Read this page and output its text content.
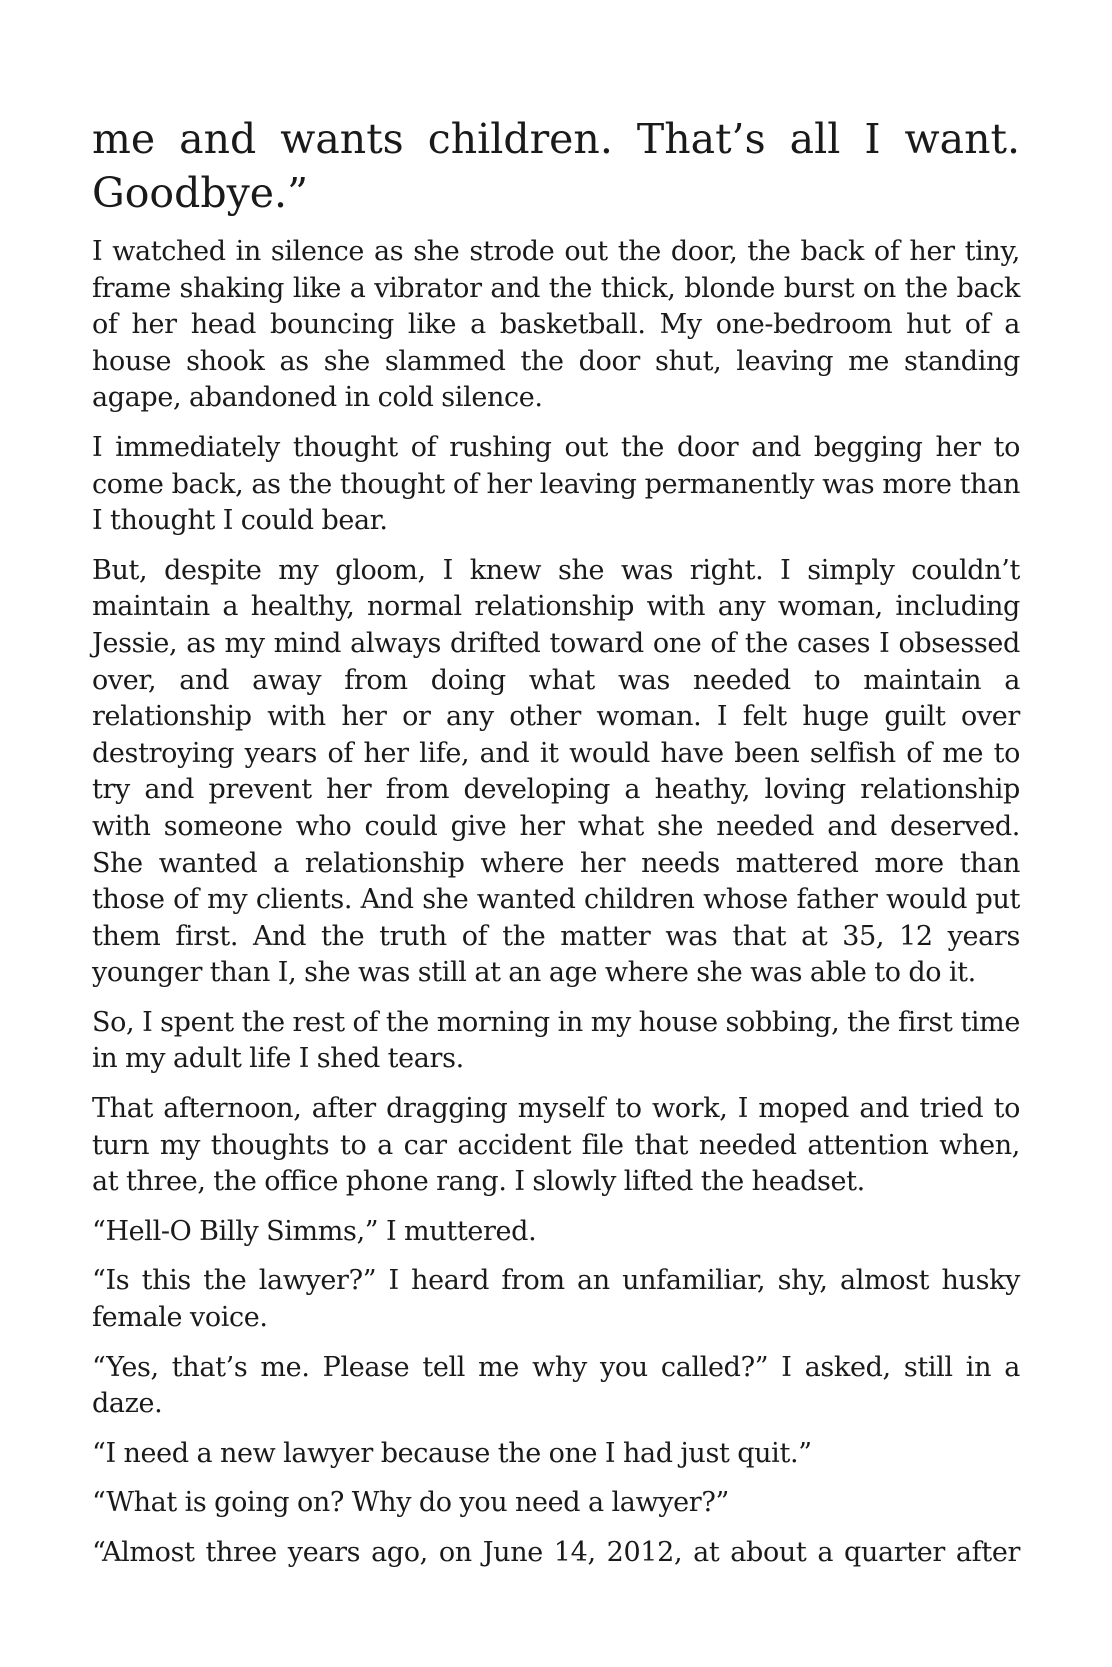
me and wants children. That’s all I want. Goodbye.”

I watched in silence as she strode out the door, the back of her tiny, frame shaking like a vibrator and the thick, blonde burst on the back of her head bouncing like a basketball. My one-bedroom hut of a house shook as she slammed the door shut, leaving me standing agape, abandoned in cold silence.

I immediately thought of rushing out the door and begging her to come back, as the thought of her leaving permanently was more than I thought I could bear.

But, despite my gloom, I knew she was right. I simply couldn’t maintain a healthy, normal relationship with any woman, including Jessie, as my mind always drifted toward one of the cases I obsessed over, and away from doing what was needed to maintain a relationship with her or any other woman. I felt huge guilt over destroying years of her life, and it would have been selfish of me to try and prevent her from developing a heathy, loving relationship with someone who could give her what she needed and deserved. She wanted a relationship where her needs mattered more than those of my clients. And she wanted children whose father would put them first. And the truth of the matter was that at 35, 12 years younger than I, she was still at an age where she was able to do it.

So, I spent the rest of the morning in my house sobbing, the first time in my adult life I shed tears.

That afternoon, after dragging myself to work, I moped and tried to turn my thoughts to a car accident file that needed attention when, at three, the office phone rang. I slowly lifted the headset.

“Hell-O Billy Simms,” I muttered.

“Is this the lawyer?” I heard from an unfamiliar, shy, almost husky female voice.

“Yes, that’s me. Please tell me why you called?” I asked, still in a daze.

“I need a new lawyer because the one I had just quit.”

“What is going on? Why do you need a lawyer?”

“Almost three years ago, on June 14, 2012, at about a quarter after
